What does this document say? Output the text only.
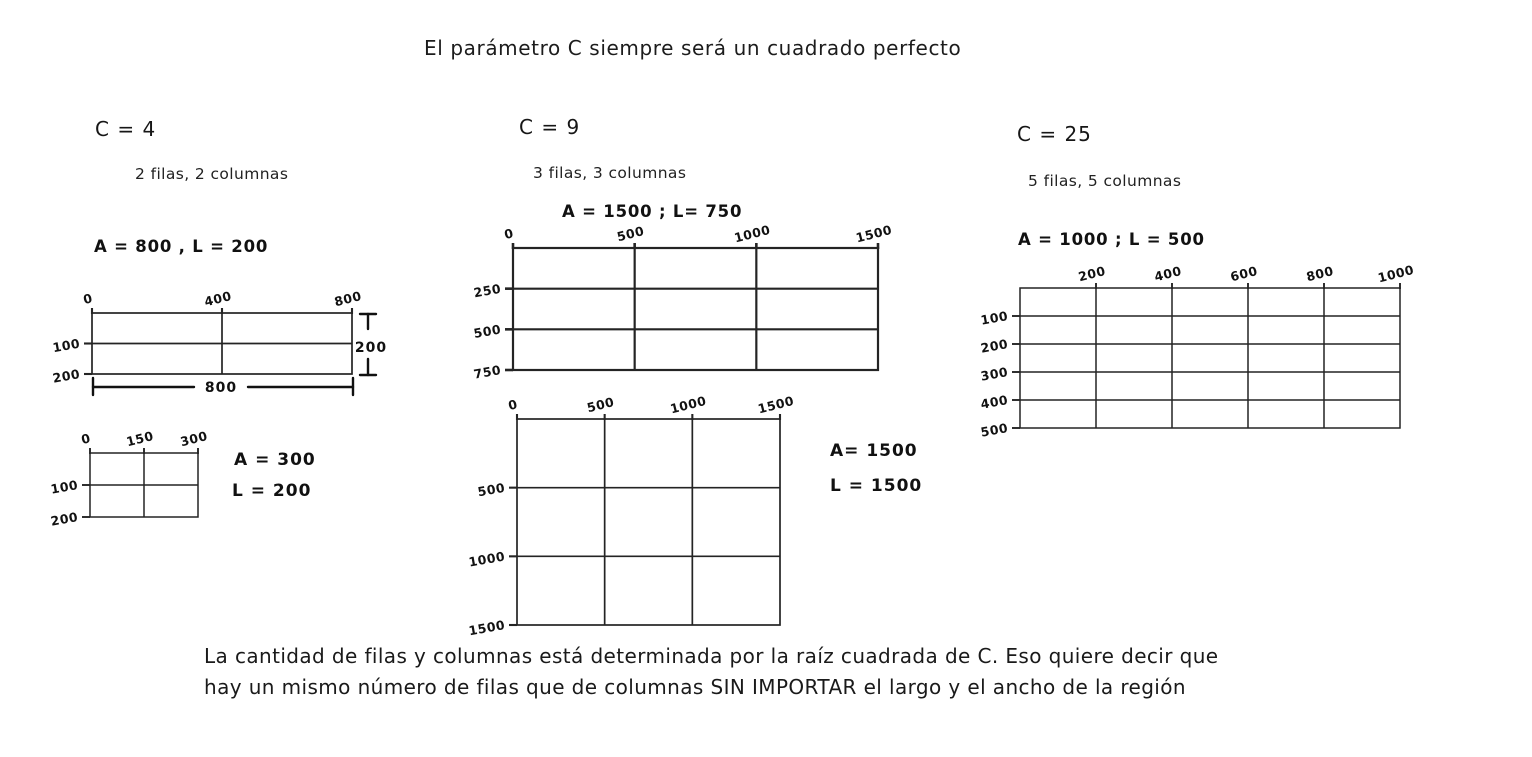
El parámetro C siempre será un cuadrado perfecto
C = 4
2 filas, 2 columnas
A = 800 , L = 200
0	400	800
100
200
200
800
0	150 300
100
200
A = 300
L = 200
C = 9
3 filas, 3 columnas
A = 1500 ; L= 750
0	500	1000	1500
250
500
750
0	500	1000	1500
500
1000
1500
A= 1500
L = 1500
C = 25
5 filas, 5 columnas
A = 1000 ; L = 500
200	400	600	800	1000
100
200
300
400
500
La cantidad de filas y columnas está determinada por la raíz cuadrada de C. Eso quiere decir que
hay un mismo número de filas que de columnas SIN IMPORTAR el largo y el ancho de la región
